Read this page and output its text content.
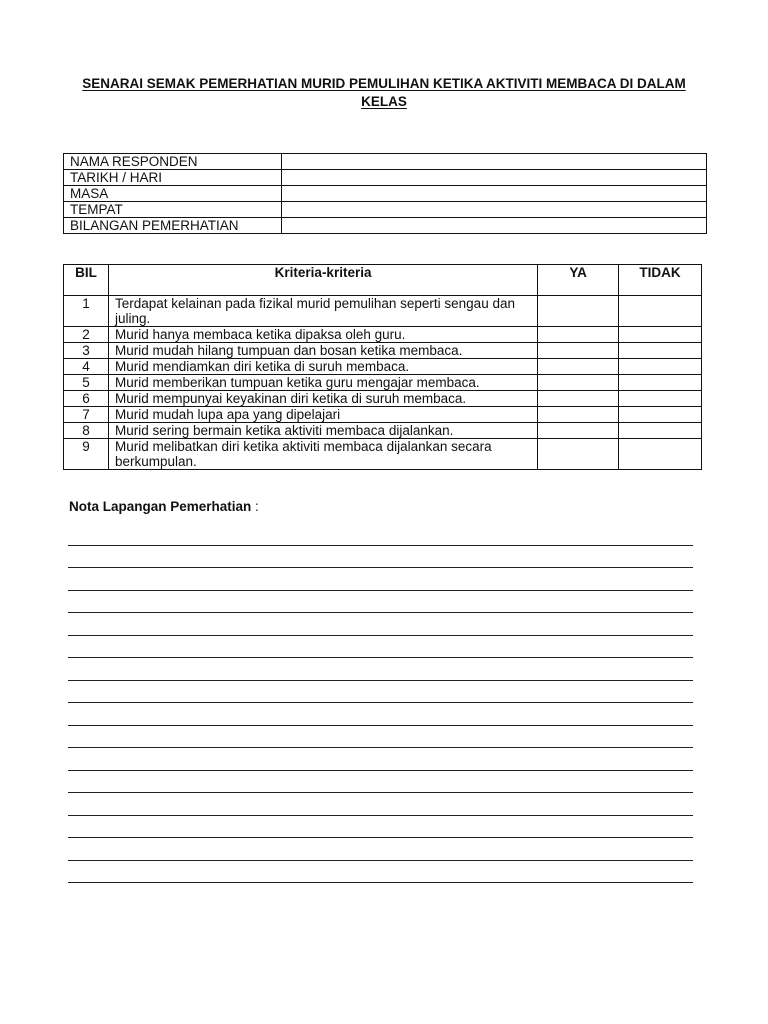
SENARAI SEMAK PEMERHATIAN MURID PEMULIHAN KETIKA AKTIVITI MEMBACA DI DALAM KELAS
NAMA RESPONDEN	
TARIKH / HARI	
MASA	
TEMPAT	
BILANGAN PEMERHATIAN	
BIL	Kriteria-kriteria	YA	TIDAK
1	Terdapat kelainan pada fizikal murid pemulihan seperti sengau dan juling.		
2	Murid hanya membaca ketika dipaksa oleh guru.		
3	Murid mudah hilang tumpuan dan bosan ketika membaca.		
4	Murid mendiamkan diri ketika di suruh membaca.		
5	Murid memberikan tumpuan ketika guru mengajar membaca.		
6	Murid mempunyai keyakinan diri ketika di suruh membaca.		
7	Murid mudah lupa apa yang dipelajari		
8	Murid sering bermain ketika aktiviti membaca dijalankan.		
9	Murid melibatkan diri ketika aktiviti membaca dijalankan secara berkumpulan.		
Nota Lapangan Pemerhatian :
